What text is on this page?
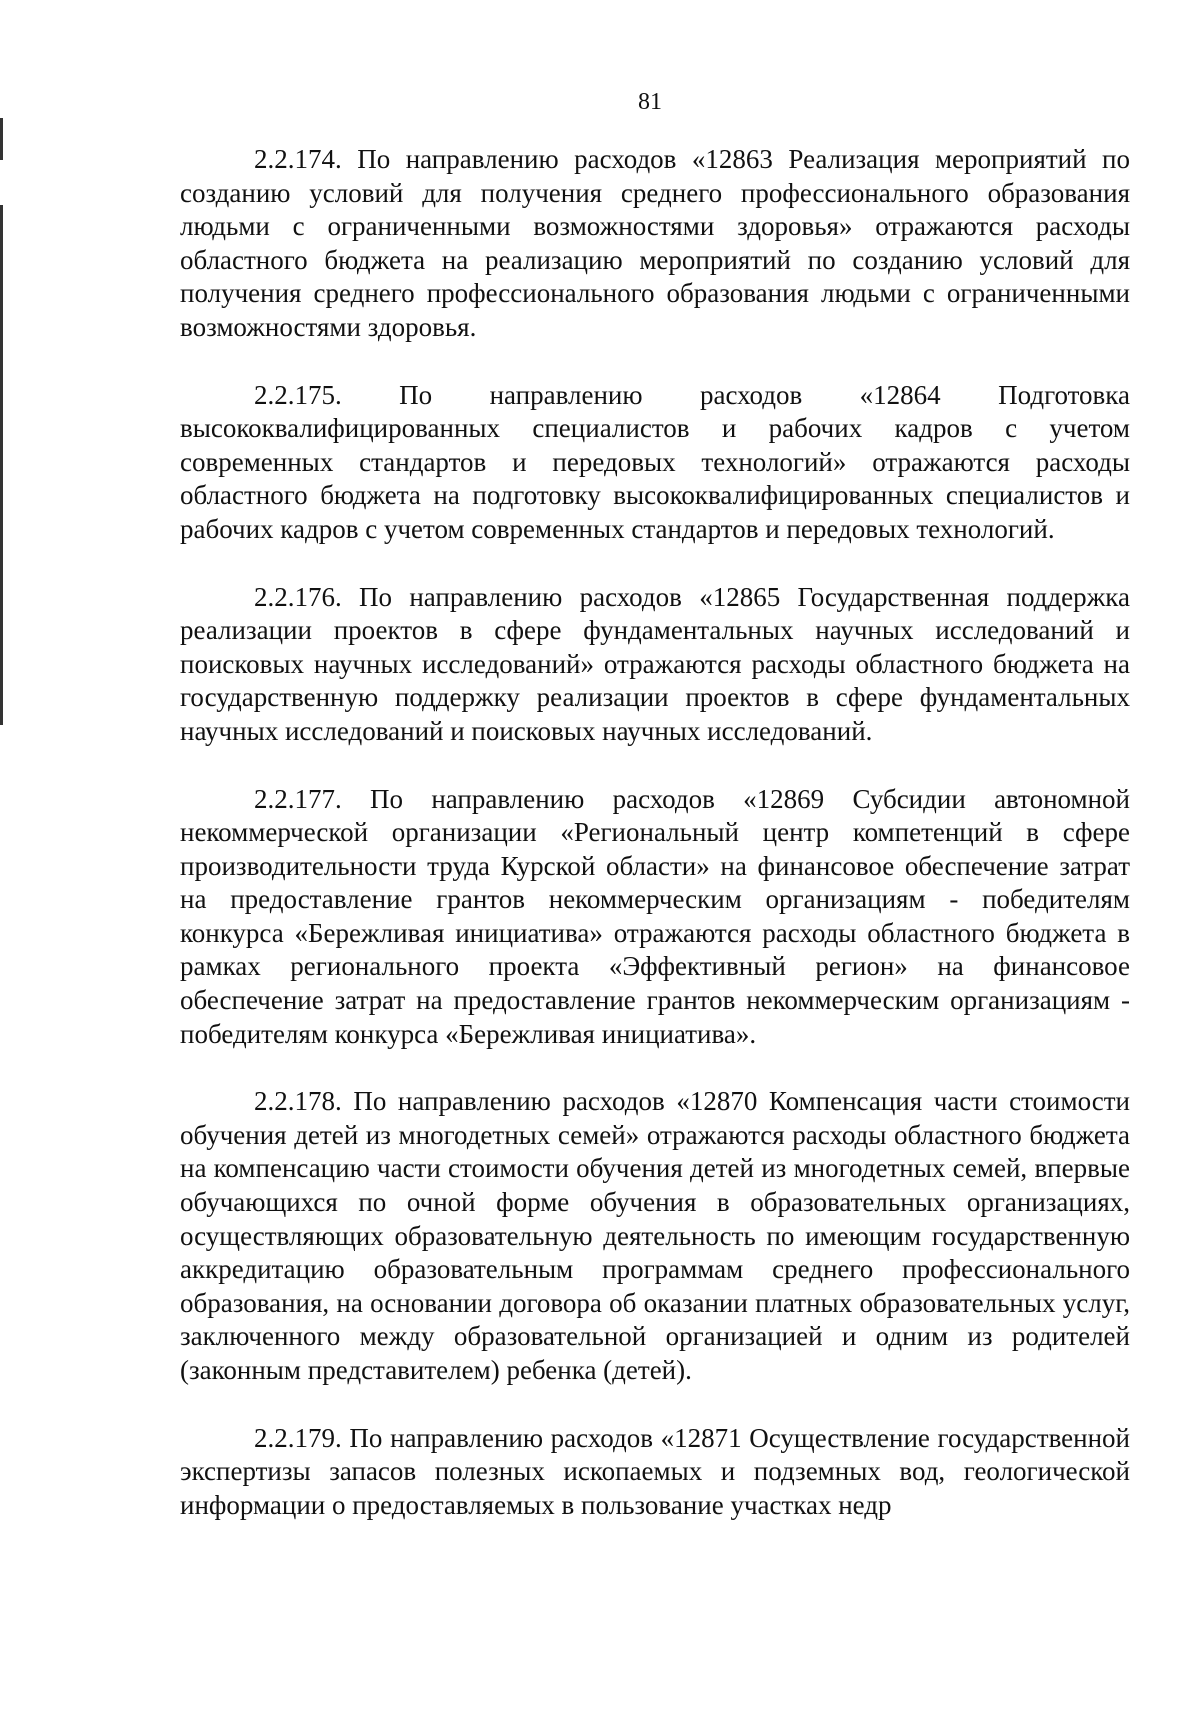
81

2.2.174. По направлению расходов «12863 Реализация мероприятий по созданию условий для получения среднего профессионального образования людьми с ограниченными возможностями здоровья» отражаются расходы областного бюджета на реализацию мероприятий по созданию условий для получения среднего профессионального образования людьми с ограниченными возможностями здоровья.

2.2.175. По направлению расходов «12864 Подготовка высококвалифицированных специалистов и рабочих кадров с учетом современных стандартов и передовых технологий» отражаются расходы областного бюджета на подготовку высококвалифицированных специалистов и рабочих кадров с учетом современных стандартов и передовых технологий.

2.2.176. По направлению расходов «12865 Государственная поддержка реализации проектов в сфере фундаментальных научных исследований и поисковых научных исследований» отражаются расходы областного бюджета на государственную поддержку реализации проектов в сфере фундаментальных научных исследований и поисковых научных исследований.

2.2.177. По направлению расходов «12869 Субсидии автономной некоммерческой организации «Региональный центр компетенций в сфере производительности труда Курской области» на финансовое обеспечение затрат на предоставление грантов некоммерческим организациям - победителям конкурса «Бережливая инициатива» отражаются расходы областного бюджета в рамках регионального проекта «Эффективный регион» на финансовое обеспечение затрат на предоставление грантов некоммерческим организациям - победителям конкурса «Бережливая инициатива».

2.2.178. По направлению расходов «12870 Компенсация части стоимости обучения детей из многодетных семей» отражаются расходы областного бюджета на компенсацию части стоимости обучения детей из многодетных семей, впервые обучающихся по очной форме обучения в образовательных организациях, осуществляющих образовательную деятельность по имеющим государственную аккредитацию образовательным программам среднего профессионального образования, на основании договора об оказании платных образовательных услуг, заключенного между образовательной организацией и одним из родителей (законным представителем) ребенка (детей).

2.2.179. По направлению расходов «12871 Осуществление государственной экспертизы запасов полезных ископаемых и подземных вод, геологической информации о предоставляемых в пользование участках недр
